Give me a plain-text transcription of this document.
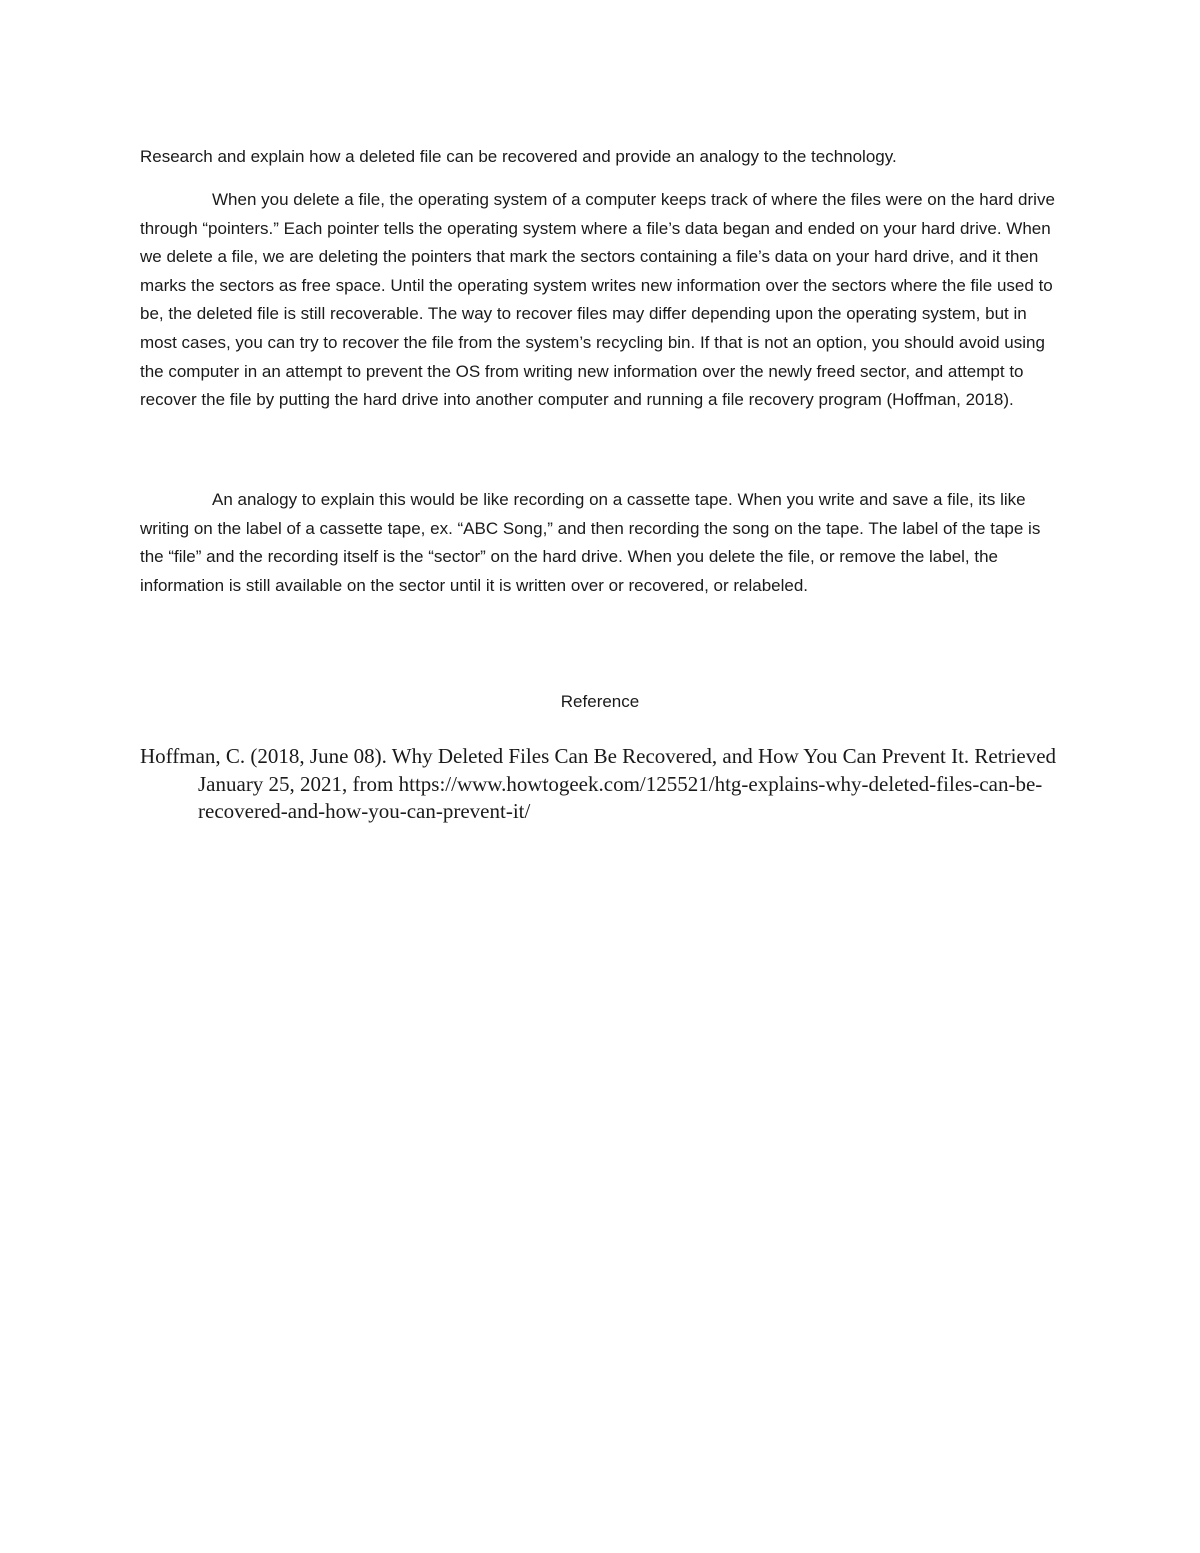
Research and explain how a deleted file can be recovered and provide an analogy to the technology.

When you delete a file, the operating system of a computer keeps track of where the files were on the hard drive through “pointers.” Each pointer tells the operating system where a file’s data began and ended on your hard drive. When we delete a file, we are deleting the pointers that mark the sectors containing a file’s data on your hard drive, and it then marks the sectors as free space. Until the operating system writes new information over the sectors where the file used to be, the deleted file is still recoverable. The way to recover files may differ depending upon the operating system, but in most cases, you can try to recover the file from the system’s recycling bin. If that is not an option, you should avoid using the computer in an attempt to prevent the OS from writing new information over the newly freed sector, and attempt to recover the file by putting the hard drive into another computer and running a file recovery program (Hoffman, 2018).

An analogy to explain this would be like recording on a cassette tape. When you write and save a file, its like writing on the label of a cassette tape, ex. “ABC Song,” and then recording the song on the tape. The label of the tape is the “file” and the recording itself is the “sector” on the hard drive. When you delete the file, or remove the label, the information is still available on the sector until it is written over or recovered, or relabeled.

Reference
Hoffman, C. (2018, June 08). Why Deleted Files Can Be Recovered, and How You Can Prevent It. Retrieved January 25, 2021, from https://www.howtogeek.com/125521/htg-explains-why-deleted-files-can-be-recovered-and-how-you-can-prevent-it/
